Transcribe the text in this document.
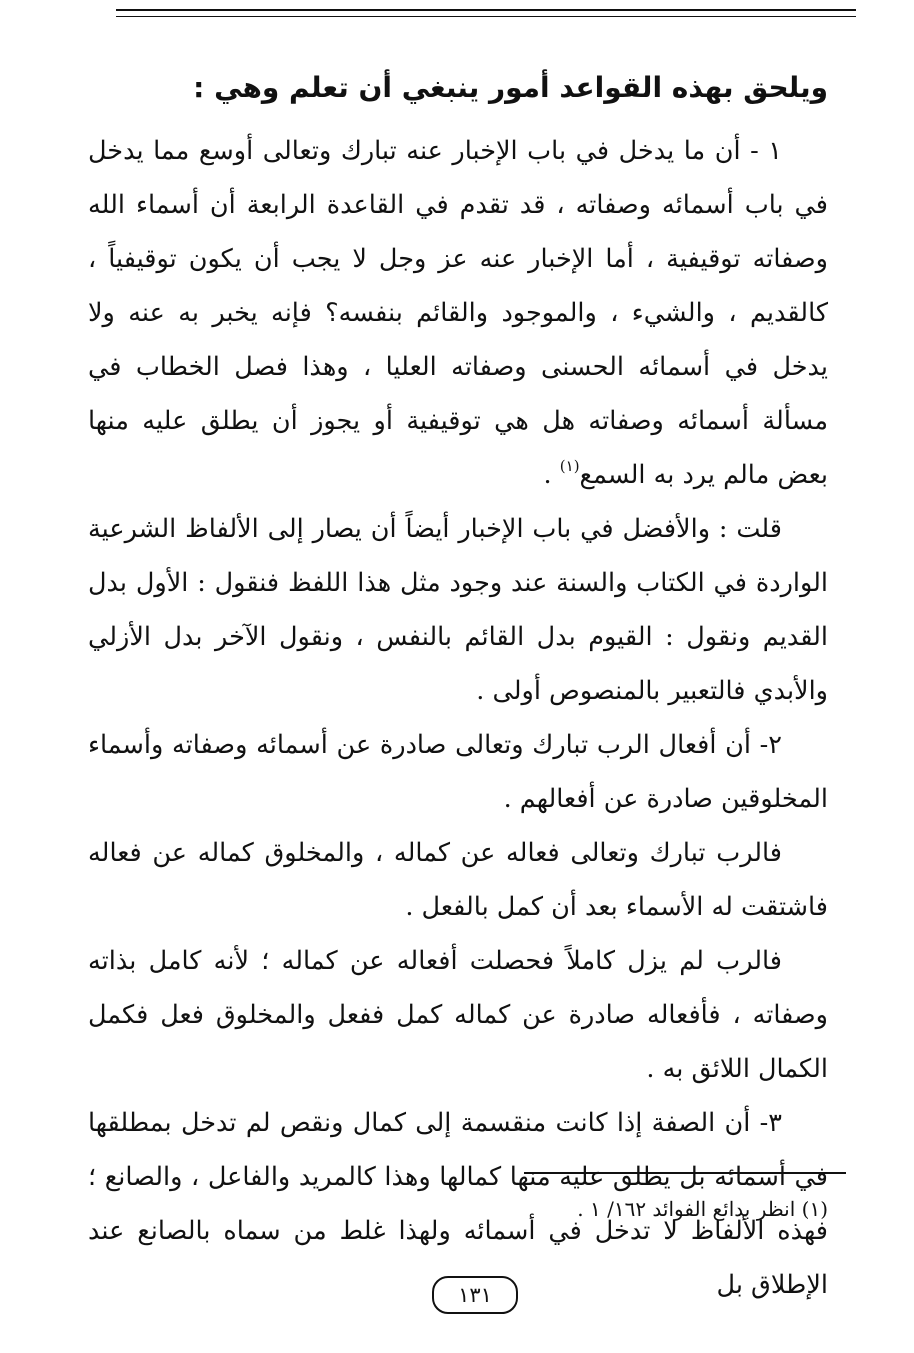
ويلحق بهذه القواعد أمور ينبغي أن تعلم وهي :

١ - أن ما يدخل في باب الإخبار عنه تبارك وتعالى أوسع مما يدخل في باب أسمائه وصفاته ، قد تقدم في القاعدة الرابعة أن أسماء الله وصفاته توقيفية ، أما الإخبار عنه عز وجل لا يجب أن يكون توقيفياً ، كالقديم ، والشيء ، والموجود والقائم بنفسه؟ فإنه يخبر به عنه ولا يدخل في أسمائه الحسنى وصفاته العليا ، وهذا فصل الخطاب في مسألة أسمائه وصفاته هل هي توقيفية أو يجوز أن يطلق عليه منها بعض مالم يرد به السمع$^{(١)}$ .

قلت : والأفضل في باب الإخبار أيضاً أن يصار إلى الألفاظ الشرعية الواردة في الكتاب والسنة عند وجود مثل هذا اللفظ فنقول : الأول بدل القديم ونقول : القيوم بدل القائم بالنفس ، ونقول الآخر بدل الأزلي والأبدي فالتعبير بالمنصوص أولى .

٢- أن أفعال الرب تبارك وتعالى صادرة عن أسمائه وصفاته وأسماء المخلوقين صادرة عن أفعالهم .

فالرب تبارك وتعالى فعاله عن كماله ، والمخلوق كماله عن فعاله فاشتقت له الأسماء بعد أن كمل بالفعل .

فالرب لم يزل كاملاً فحصلت أفعاله عن كماله ؛ لأنه كامل بذاته وصفاته ، فأفعاله صادرة عن كماله كمل ففعل والمخلوق فعل فكمل الكمال اللائق به .

٣- أن الصفة إذا كانت منقسمة إلى كمال ونقص لم تدخل بمطلقها في أسمائه بل يطلق عليه منها كمالها وهذا كالمريد والفاعل ، والصانع ؛ فهذه الألفاظ لا تدخل في أسمائه ولهذا غلط من سماه بالصانع عند الإطلاق بل

(١) انظر بدائع الفوائد ١٦٢/ ١ .
١٣١
